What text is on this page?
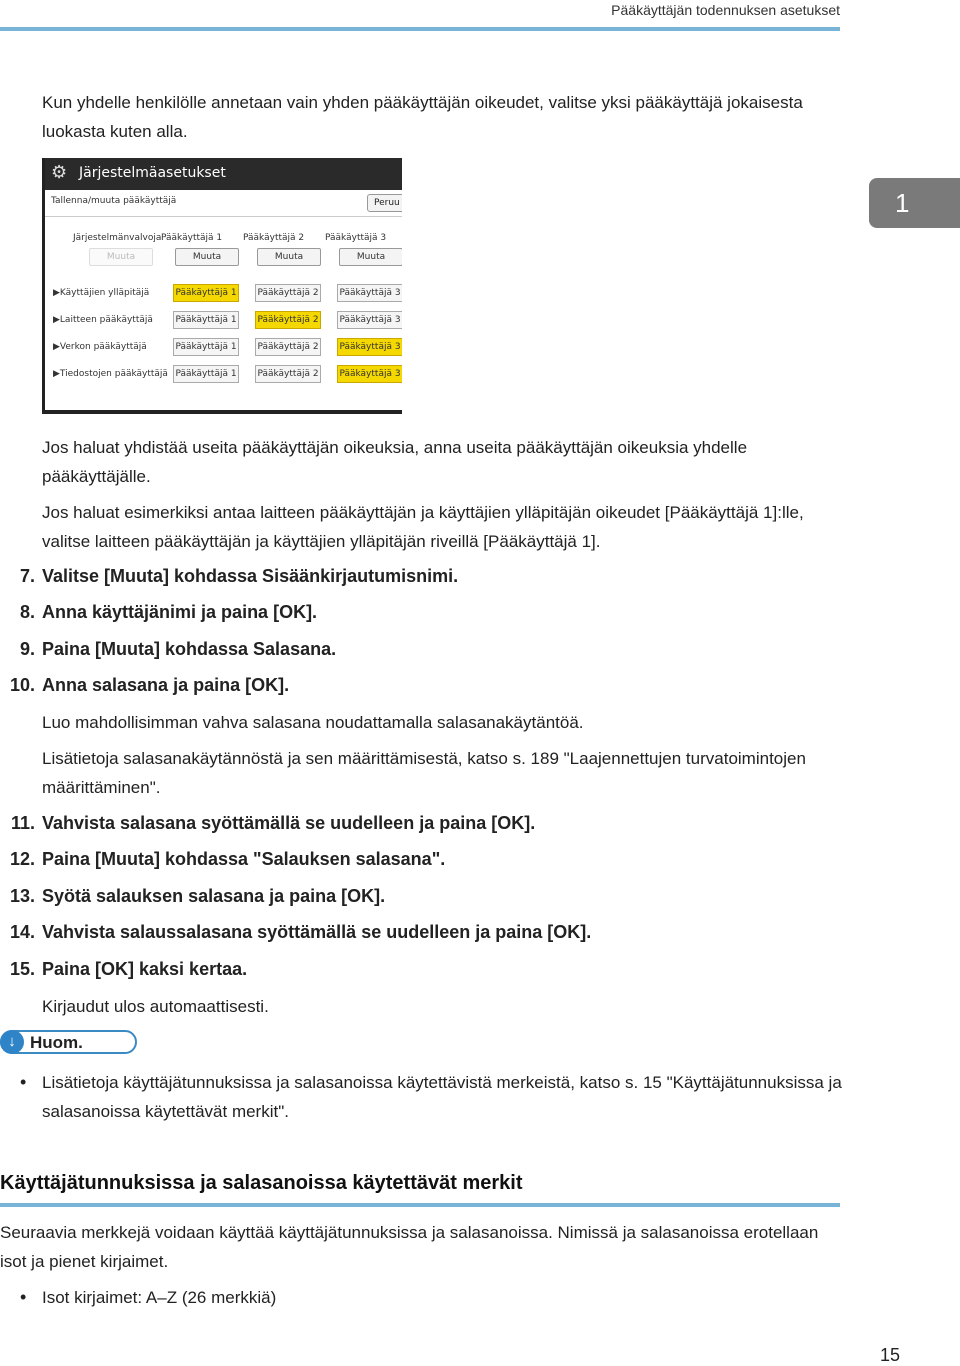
Pääkäyttäjän todennuksen asetukset
1
Kun yhdelle henkilölle annetaan vain yhden pääkäyttäjän oikeudet, valitse yksi pääkäyttäjä jokaisesta luokasta kuten alla.
⚙ Järjestelmäasetukset
Tallenna/muuta pääkäyttäjä	Peruu
Järjestelmänvalvoja Pääkäyttäjä 1 Pääkäyttäjä 2 Pääkäyttäjä 3
Muuta	Muuta	Muuta	Muuta
▶Käyttäjien ylläpitäjä	Pääkäyttäjä 1 Pääkäyttäjä 2 Pääkäyttäjä 3
▶Laitteen pääkäyttäjä	Pääkäyttäjä 1 Pääkäyttäjä 2 Pääkäyttäjä 3
▶Verkon pääkäyttäjä	Pääkäyttäjä 1 Pääkäyttäjä 2 Pääkäyttäjä 3
▶Tiedostojen pääkäyttäjä Pääkäyttäjä 1 Pääkäyttäjä 2 Pääkäyttäjä 3
Jos haluat yhdistää useita pääkäyttäjän oikeuksia, anna useita pääkäyttäjän oikeuksia yhdelle pääkäyttäjälle.
Jos haluat esimerkiksi antaa laitteen pääkäyttäjän ja käyttäjien ylläpitäjän oikeudet [Pääkäyttäjä 1]:lle, valitse laitteen pääkäyttäjän ja käyttäjien ylläpitäjän riveillä [Pääkäyttäjä 1].
7. Valitse [Muuta] kohdassa Sisäänkirjautumisnimi.
8. Anna käyttäjänimi ja paina [OK].
9. Paina [Muuta] kohdassa Salasana.
10. Anna salasana ja paina [OK].
Luo mahdollisimman vahva salasana noudattamalla salasanakäytäntöä.
Lisätietoja salasanakäytännöstä ja sen määrittämisestä, katso s. 189 "Laajennettujen turvatoimintojen määrittäminen".
11. Vahvista salasana syöttämällä se uudelleen ja paina [OK].
12. Paina [Muuta] kohdassa "Salauksen salasana".
13. Syötä salauksen salasana ja paina [OK].
14. Vahvista salaussalasana syöttämällä se uudelleen ja paina [OK].
15. Paina [OK] kaksi kertaa.
Kirjaudut ulos automaattisesti.
↓ Huom.
• Lisätietoja käyttäjätunnuksissa ja salasanoissa käytettävistä merkeistä, katso s. 15 "Käyttäjätunnuksissa ja salasanoissa käytettävät merkit".
Käyttäjätunnuksissa ja salasanoissa käytettävät merkit
Seuraavia merkkejä voidaan käyttää käyttäjätunnuksissa ja salasanoissa. Nimissä ja salasanoissa erotellaan isot ja pienet kirjaimet.
• Isot kirjaimet: A–Z (26 merkkiä)
15
